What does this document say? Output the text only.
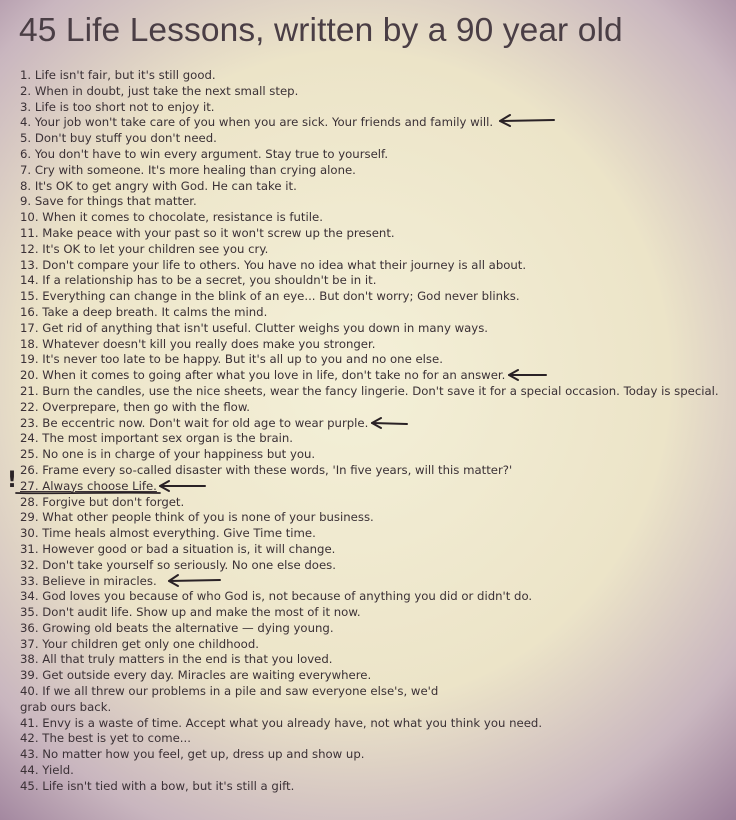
45 Life Lessons, written by a 90 year old
1. Life isn't fair, but it's still good.
2. When in doubt, just take the next small step.
3. Life is too short not to enjoy it.
4. Your job won't take care of you when you are sick. Your friends and family will.
5. Don't buy stuff you don't need.
6. You don't have to win every argument. Stay true to yourself.
7. Cry with someone. It's more healing than crying alone.
8. It's OK to get angry with God. He can take it.
9. Save for things that matter.
10. When it comes to chocolate, resistance is futile.
11. Make peace with your past so it won't screw up the present.
12. It's OK to let your children see you cry.
13. Don't compare your life to others. You have no idea what their journey is all about.
14. If a relationship has to be a secret, you shouldn't be in it.
15. Everything can change in the blink of an eye... But don't worry; God never blinks.
16. Take a deep breath. It calms the mind.
17. Get rid of anything that isn't useful. Clutter weighs you down in many ways.
18. Whatever doesn't kill you really does make you stronger.
19. It's never too late to be happy. But it's all up to you and no one else.
20. When it comes to going after what you love in life, don't take no for an answer.
21. Burn the candles, use the nice sheets, wear the fancy lingerie. Don't save it for a special occasion. Today is special.
22. Overprepare, then go with the flow.
23. Be eccentric now. Don't wait for old age to wear purple.
24. The most important sex organ is the brain.
25. No one is in charge of your happiness but you.
26. Frame every so-called disaster with these words, 'In five years, will this matter?'
27. Always choose Life.
28. Forgive but don't forget.
29. What other people think of you is none of your business.
30. Time heals almost everything. Give Time time.
31. However good or bad a situation is, it will change.
32. Don't take yourself so seriously. No one else does.
33. Believe in miracles.
34. God loves you because of who God is, not because of anything you did or didn't do.
35. Don't audit life. Show up and make the most of it now.
36. Growing old beats the alternative — dying young.
37. Your children get only one childhood.
38. All that truly matters in the end is that you loved.
39. Get outside every day. Miracles are waiting everywhere.
40. If we all threw our problems in a pile and saw everyone else's, we'd
grab ours back.
41. Envy is a waste of time. Accept what you already have, not what you think you need.
42. The best is yet to come...
43. No matter how you feel, get up, dress up and show up.
44. Yield.
45. Life isn't tied with a bow, but it's still a gift.
!
